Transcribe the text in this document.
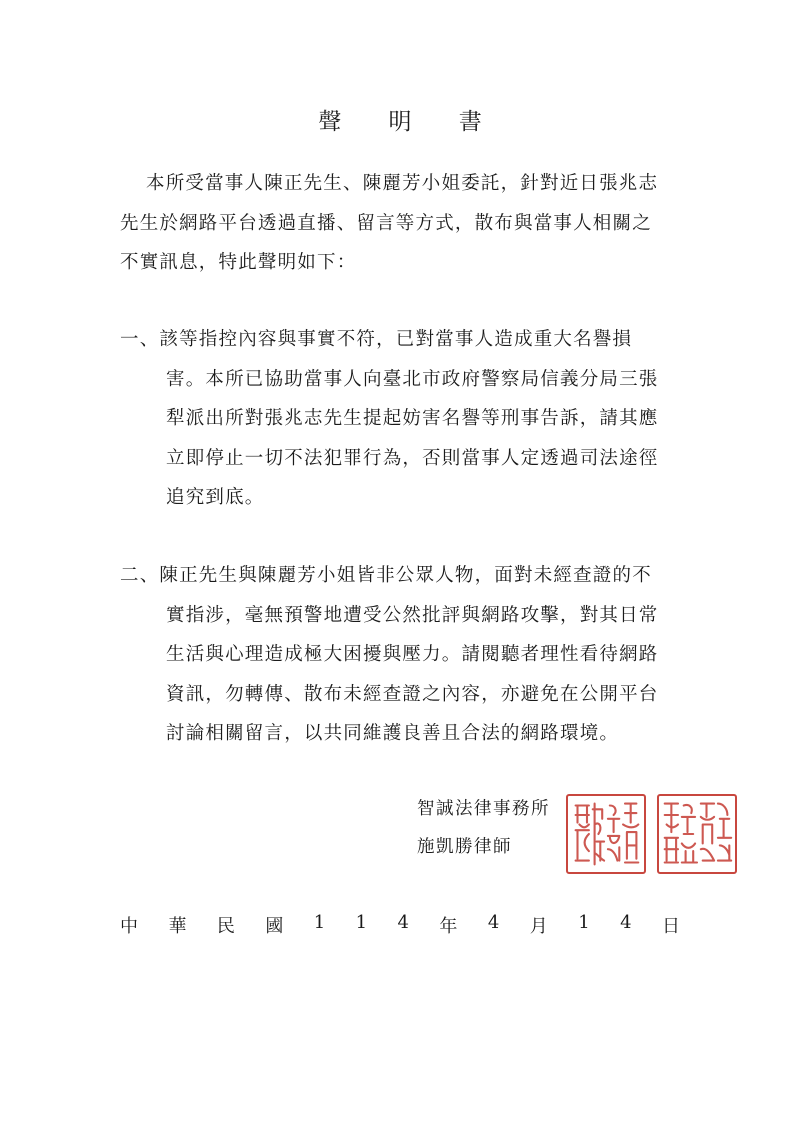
聲 明 書

本所受當事人陳正先生、陳麗芳小姐委託，針對近日張兆志
先生於網路平台透過直播、留言等方式，散布與當事人相關之
不實訊息，特此聲明如下：

一、該等指控內容與事實不符，已對當事人造成重大名譽損
害。本所已協助當事人向臺北市政府警察局信義分局三張
犁派出所對張兆志先生提起妨害名譽等刑事告訴，請其應
立即停止一切不法犯罪行為，否則當事人定透過司法途徑
追究到底。

二、陳正先生與陳麗芳小姐皆非公眾人物，面對未經查證的不
實指涉，毫無預警地遭受公然批評與網路攻擊，對其日常
生活與心理造成極大困擾與壓力。請閱聽者理性看待網路
資訊，勿轉傳、散布未經查證之內容，亦避免在公開平台
討論相關留言，以共同維護良善且合法的網路環境。

智誠法律事務所
施凱勝律師
中 華 民 國 1 1 4 年 4 月 1 4 日
